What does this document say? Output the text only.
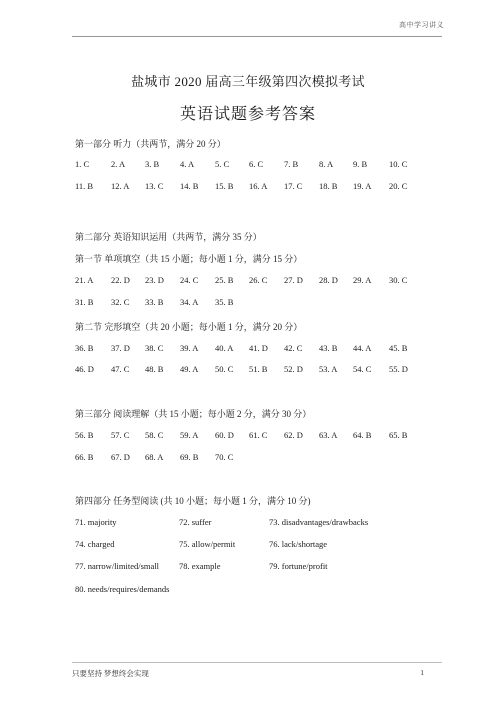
高中学习讲义
盐城市 2020 届高三年级第四次模拟考试
英语试题参考答案
第一部分 听力（共两节，满分 20 分）
1. C	2. A 3. B 4. A 5. C 6. C 7. B 8. A 9. B	10. C
11. B 12. A 13. C 14. B 15. B 16. A 17. C 18. B 19. A 20. C
第二部分 英语知识运用（共两节，满分 35 分）
第一节 单项填空（共 15 小题；每小题 1 分，满分 15 分）
21. A 22. D 23. D 24. C 25. B 26. C 27. D 28. D 29. A 30. C
31. B 32. C 33. B 34. A 35. B
第二节 完形填空（共 20 小题；每小题 1 分，满分 20 分）
36. B 37. D 38. C 39. A 40. A 41. D 42. C 43. B 44. A 45. B
46. D 47. C 48. B 49. A 50. C 51. B 52. D 53. A 54. C 55. D
第三部分 阅读理解（共 15 小题；每小题 2 分，满分 30 分）
56. B 57. C 58. C 59. A 60. D 61. C 62. D 63. A 64. B 65. B
66. B 67. D 68. A 69. B 70. C
第四部分 任务型阅读 (共 10 小题；每小题 1 分，满分 10 分)
71. majority	72. suffer	73. disadvantages/drawbacks
74. charged	75. allow/permit	76. lack/shortage
77. narrow/limited/small 78. example	79. fortune/profit
80. needs/requires/demands
只要坚持 梦想终会实现	1
